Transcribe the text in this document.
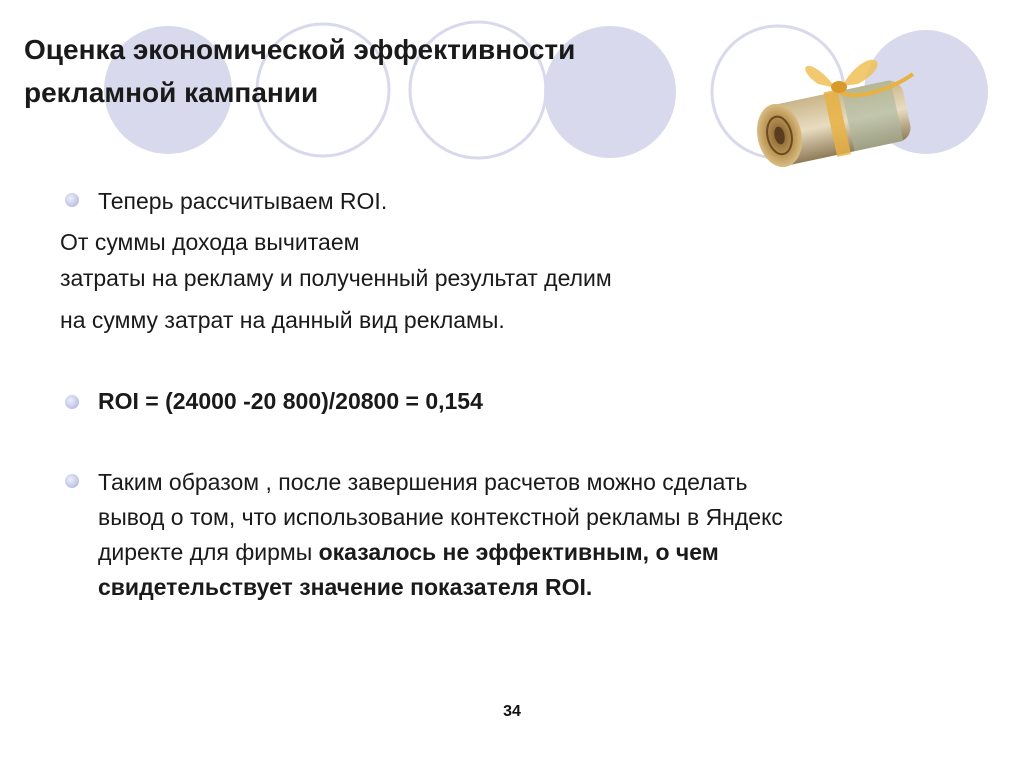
Оценка экономической эффективности
рекламной кампании
Теперь рассчитываем ROI.
От суммы дохода вычитаем
затраты на рекламу и полученный результат делим
на сумму затрат на данный вид рекламы.
ROI = (24000 -20 800)/20800 = 0,154
Таким образом , после завершения расчетов можно сделать
вывод о том, что использование контекстной рекламы в Яндекс
директе для фирмы оказалось не эффективным, о чем
свидетельствует значение показателя ROI.
34
